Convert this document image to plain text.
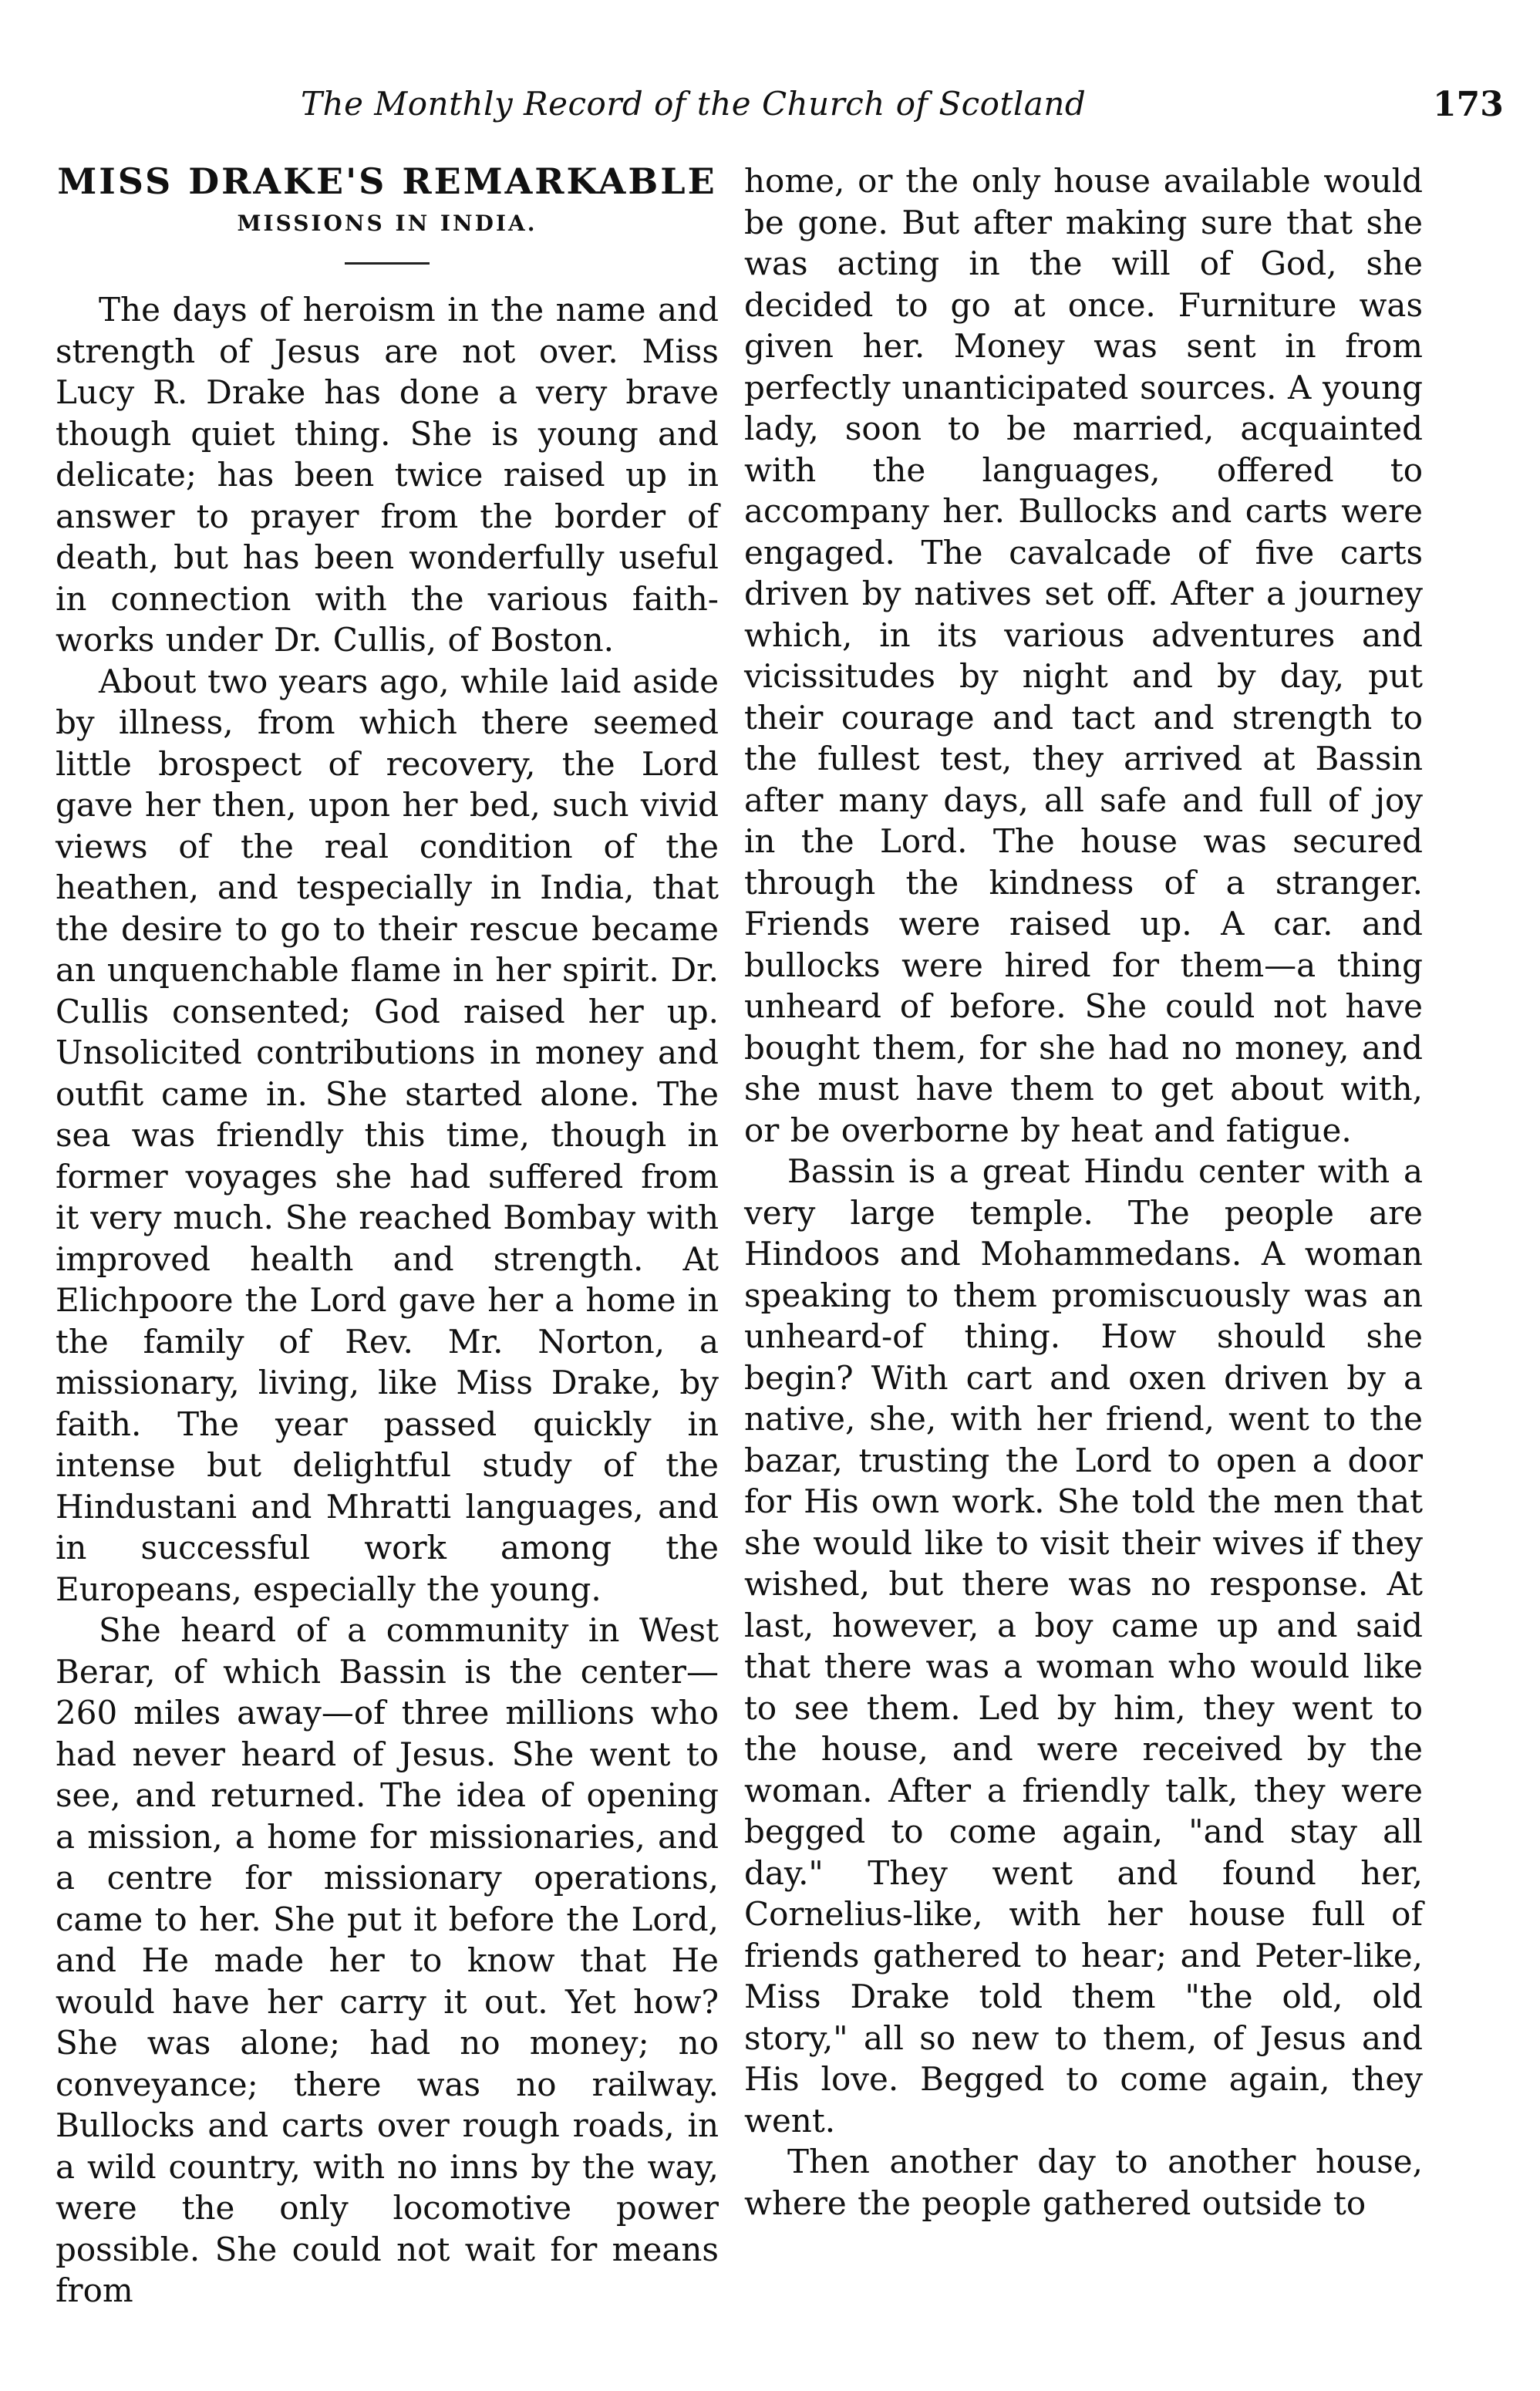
The Monthly Record of the Church of Scotland	173
MISS DRAKE'S REMARKABLE
MISSIONS IN INDIA.

The days of heroism in the name and strength of Jesus are not over. Miss Lucy R. Drake has done a very brave though quiet thing. She is young and delicate; has been twice raised up in answer to prayer from the border of death, but has been wonderfully useful in connection with the various faith-works under Dr. Cullis, of Boston.

About two years ago, while laid aside by illness, from which there seemed little brospect of recovery, the Lord gave her then, upon her bed, such vivid views of the real condition of the heathen, and tespecially in India, that the desire to go to their rescue became an unquenchable flame in her spirit. Dr. Cullis consented; God raised her up. Unsolicited contributions in money and outfit came in. She started alone. The sea was friendly this time, though in former voyages she had suffered from it very much. She reached Bombay with improved health and strength. At Elichpoore the Lord gave her a home in the family of Rev. Mr. Norton, a missionary, living, like Miss Drake, by faith. The year passed quickly in intense but delightful study of the Hindustani and Mhratti languages, and in successful work among the Europeans, especially the young.

She heard of a community in West Berar, of which Bassin is the center—260 miles away—of three millions who had never heard of Jesus. She went to see, and returned. The idea of opening a mission, a home for missionaries, and a centre for missionary operations, came to her. She put it before the Lord, and He made her to know that He would have her carry it out. Yet how? She was alone; had no money; no conveyance; there was no railway. Bullocks and carts over rough roads, in a wild country, with no inns by the way, were the only locomotive power possible. She could not wait for means from

home, or the only house available would be gone. But after making sure that she was acting in the will of God, she decided to go at once. Furniture was given her. Money was sent in from perfectly unanticipated sources. A young lady, soon to be married, acquainted with the languages, offered to accompany her. Bullocks and carts were engaged. The cavalcade of five carts driven by natives set off. After a journey which, in its various adventures and vicissitudes by night and by day, put their courage and tact and strength to the fullest test, they arrived at Bassin after many days, all safe and full of joy in the Lord. The house was secured through the kindness of a stranger. Friends were raised up. A car. and bullocks were hired for them—a thing unheard of before. She could not have bought them, for she had no money, and she must have them to get about with, or be overborne by heat and fatigue.

Bassin is a great Hindu center with a very large temple. The people are Hindoos and Mohammedans. A woman speaking to them promiscuously was an unheard-of thing. How should she begin? With cart and oxen driven by a native, she, with her friend, went to the bazar, trusting the Lord to open a door for His own work. She told the men that she would like to visit their wives if they wished, but there was no response. At last, however, a boy came up and said that there was a woman who would like to see them. Led by him, they went to the house, and were received by the woman. After a friendly talk, they were begged to come again, "and stay all day." They went and found her, Cornelius-like, with her house full of friends gathered to hear; and Peter-like, Miss Drake told them "the old, old story," all so new to them, of Jesus and His love. Begged to come again, they went.

Then another day to another house, where the people gathered outside to
